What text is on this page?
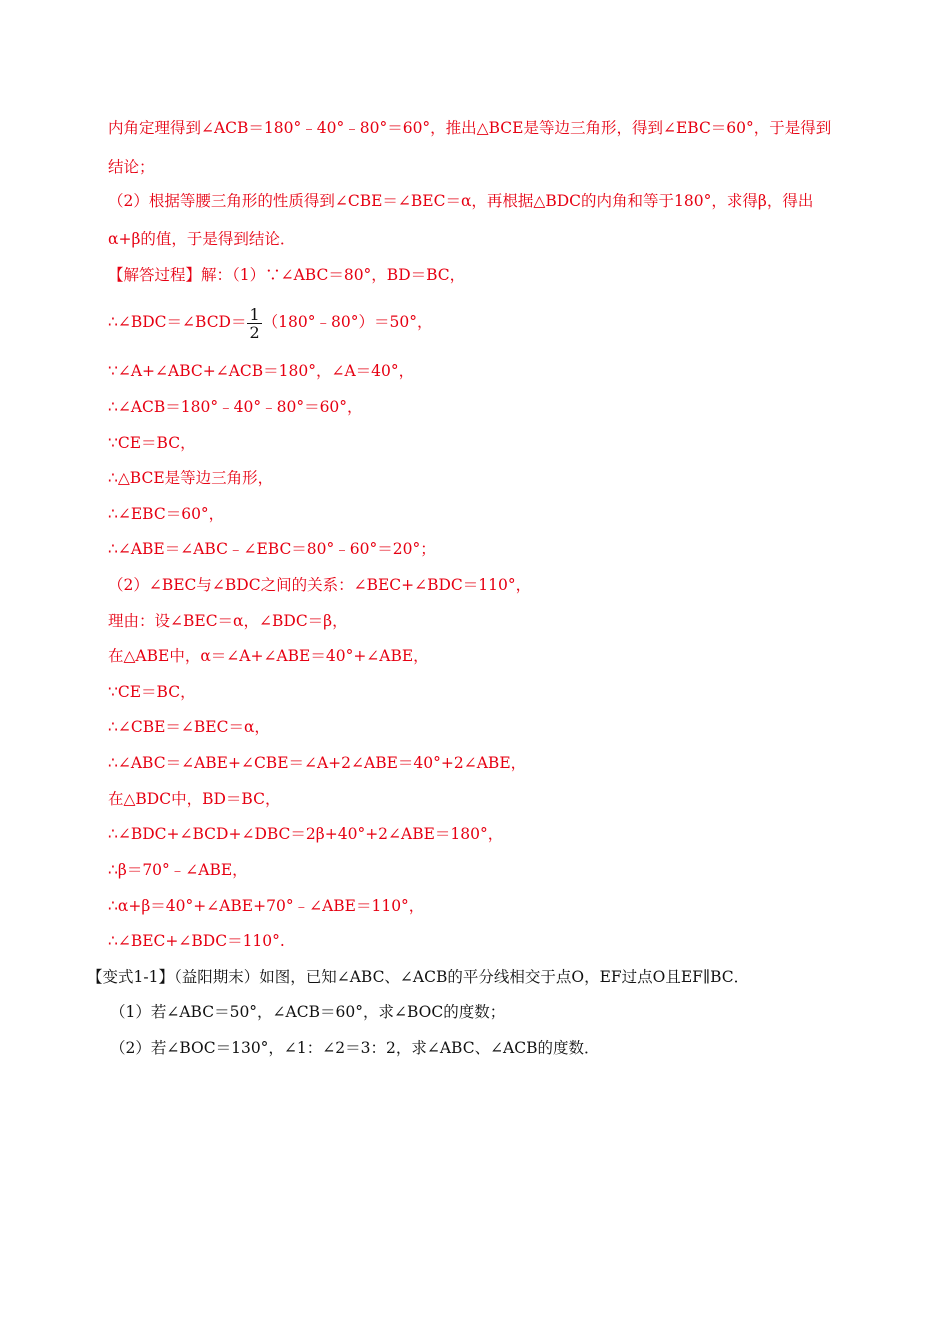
内角定理得到∠ACB＝180°﹣40°﹣80°＝60°，推出△BCE是等边三角形，得到∠EBC＝60°，于是得到
结论；
（2）根据等腰三角形的性质得到∠CBE＝∠BEC＝α，再根据△BDC的内角和等于180°，求得β，得出
α+β的值，于是得到结论．
【解答过程】解：（1）∵∠ABC＝80°，BD＝BC，
∴∠BDC＝∠BCD＝ $\frac{1}{2}$ （180°﹣80°）＝50°，
∵∠A+∠ABC+∠ACB＝180°，∠A＝40°，
∴∠ACB＝180°﹣40°﹣80°＝60°，
∵CE＝BC，
∴△BCE是等边三角形，
∴∠EBC＝60°，
∴∠ABE＝∠ABC﹣∠EBC＝80°﹣60°＝20°；
（2）∠BEC与∠BDC之间的关系：∠BEC+∠BDC＝110°，
理由：设∠BEC＝α，∠BDC＝β，
在△ABE中，α＝∠A+∠ABE＝40°+∠ABE，
∵CE＝BC，
∴∠CBE＝∠BEC＝α，
∴∠ABC＝∠ABE+∠CBE＝∠A+2∠ABE＝40°+2∠ABE，
在△BDC中，BD＝BC，
∴∠BDC+∠BCD+∠DBC＝2β+40°+2∠ABE＝180°，
∴β＝70°﹣∠ABE，
∴α+β＝40°+∠ABE+70°﹣∠ABE＝110°，
∴∠BEC+∠BDC＝110°.
【变式1-1】（益阳期末）如图，已知∠ABC、∠ACB的平分线相交于点O，EF过点O且EF∥BC．
（1）若∠ABC＝50°，∠ACB＝60°，求∠BOC的度数；
（2）若∠BOC＝130°，∠1：∠2＝3：2，求∠ABC、∠ACB的度数．
